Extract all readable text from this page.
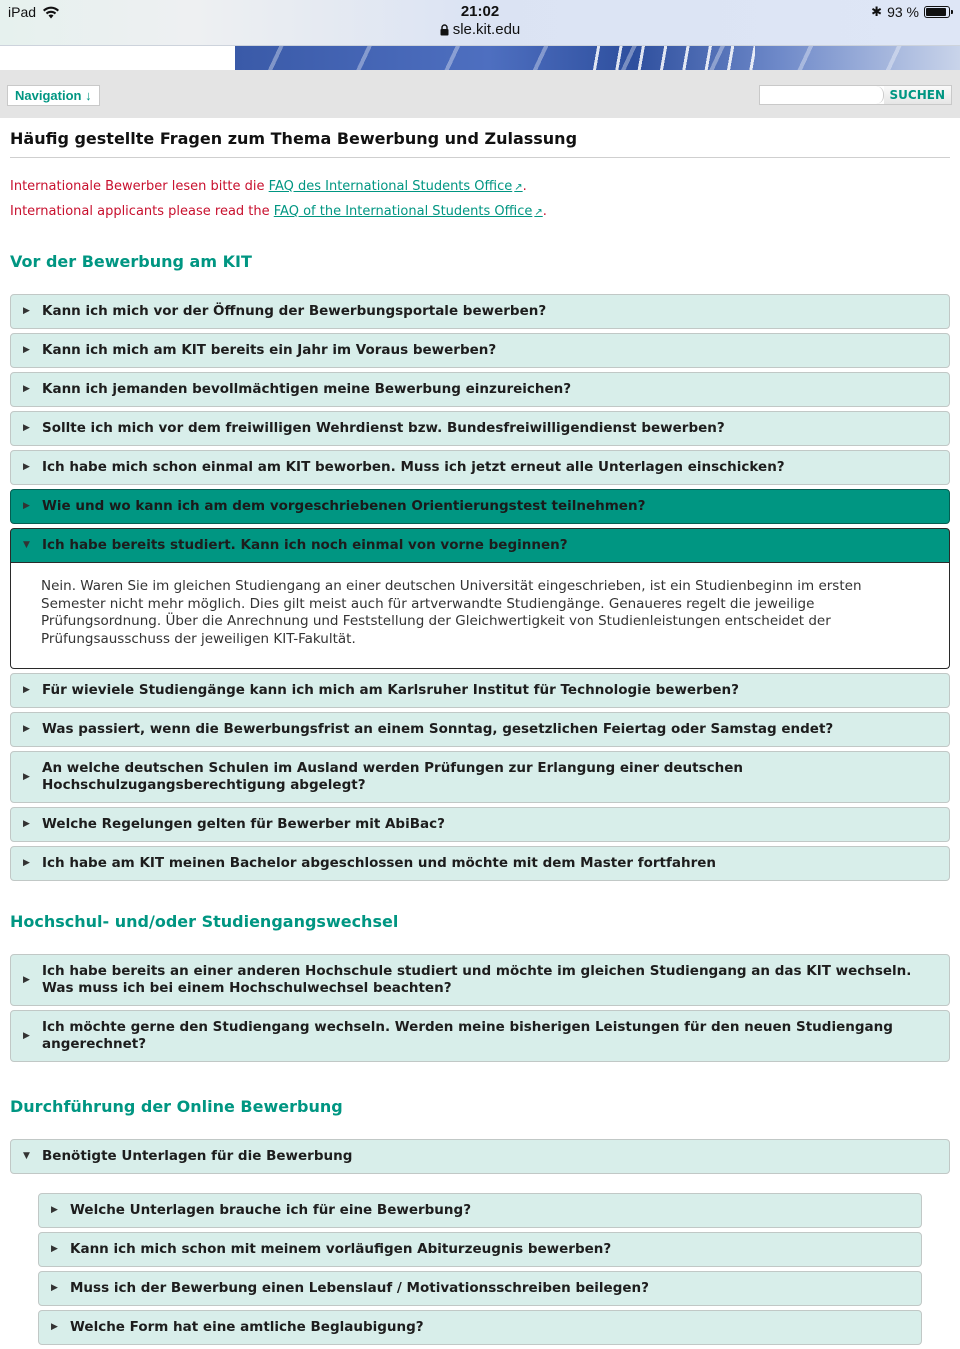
iPad	21:02
sle.kit.edu
✱ 93 %
Navigation ↓	SUCHEN
Häufig gestellte Fragen zum Thema Bewerbung und Zulassung
Internationale Bewerber lesen bitte die FAQ des International Students Office ↗.
International applicants please read the FAQ of the International Students Office ↗.
Vor der Bewerbung am KIT
▶ Kann ich mich vor der Öffnung der Bewerbungsportale bewerben?
▶ Kann ich mich am KIT bereits ein Jahr im Voraus bewerben?
▶ Kann ich jemanden bevollmächtigen meine Bewerbung einzureichen?
▶ Sollte ich mich vor dem freiwilligen Wehrdienst bzw. Bundesfreiwilligendienst bewerben?
▶ Ich habe mich schon einmal am KIT beworben. Muss ich jetzt erneut alle Unterlagen einschicken?
▶ Wie und wo kann ich am dem vorgeschriebenen Orientierungstest teilnehmen?
▼ Ich habe bereits studiert. Kann ich noch einmal von vorne beginnen?
Nein. Waren Sie im gleichen Studiengang an einer deutschen Universität eingeschrieben, ist ein Studienbeginn im ersten Semester nicht mehr möglich. Dies gilt meist auch für artverwandte Studiengänge. Genaueres regelt die jeweilige Prüfungsordnung. Über die Anrechnung und Feststellung der Gleichwertigkeit von Studienleistungen entscheidet der Prüfungsausschuss der jeweiligen KIT-Fakultät.
▶ Für wieviele Studiengänge kann ich mich am Karlsruher Institut für Technologie bewerben?
▶ Was passiert, wenn die Bewerbungsfrist an einem Sonntag, gesetzlichen Feiertag oder Samstag endet?
▶
An welche deutschen Schulen im Ausland werden Prüfungen zur Erlangung einer deutschen Hochschulzugangsberechtigung abgelegt?
▶ Welche Regelungen gelten für Bewerber mit AbiBac?
▶ Ich habe am KIT meinen Bachelor abgeschlossen und möchte mit dem Master fortfahren
Hochschul- und/oder Studiengangswechsel
▶
Ich habe bereits an einer anderen Hochschule studiert und möchte im gleichen Studiengang an das KIT wechseln. Was muss ich bei einem Hochschulwechsel beachten?
▶
Ich möchte gerne den Studiengang wechseln. Werden meine bisherigen Leistungen für den neuen Studiengang angerechnet?
Durchführung der Online Bewerbung
▼ Benötigte Unterlagen für die Bewerbung
▶ Welche Unterlagen brauche ich für eine Bewerbung?
▶ Kann ich mich schon mit meinem vorläufigen Abiturzeugnis bewerben?
▶ Muss ich der Bewerbung einen Lebenslauf / Motivationsschreiben beilegen?
▶ Welche Form hat eine amtliche Beglaubigung?
